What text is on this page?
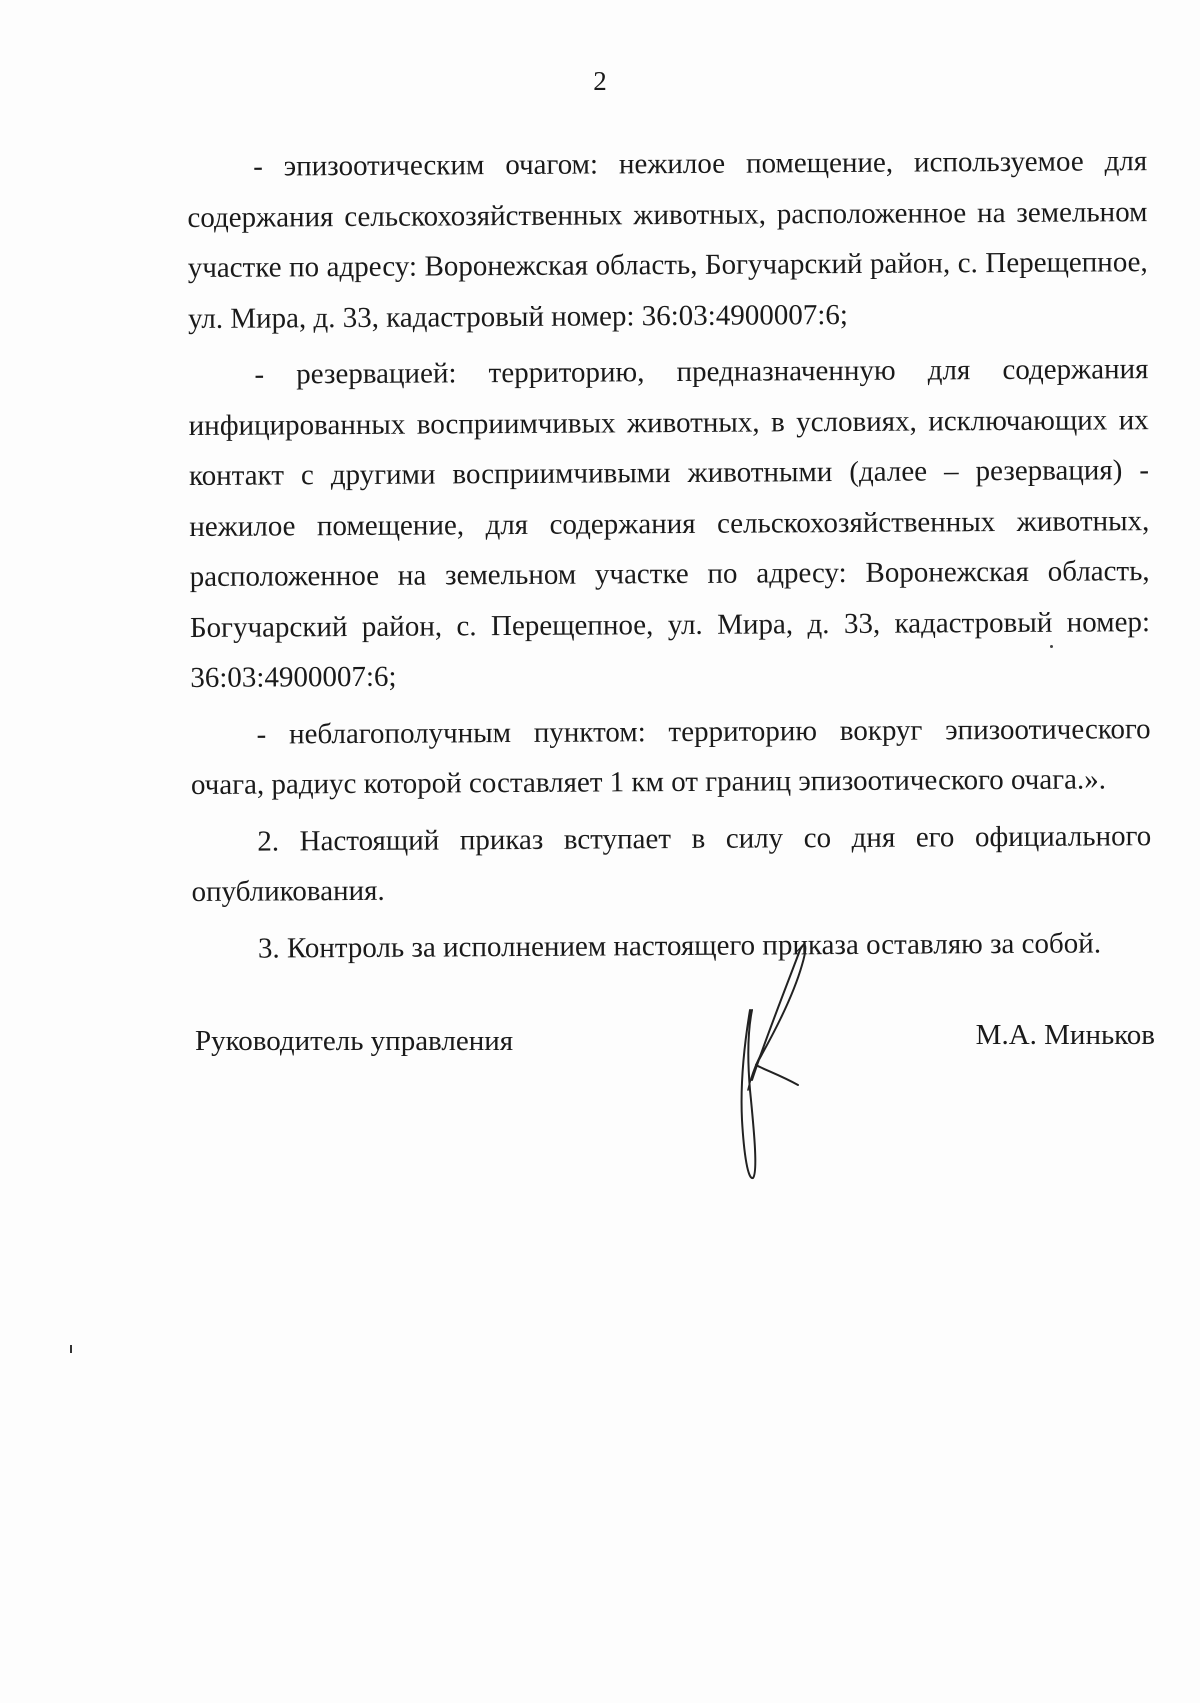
2

- эпизоотическим очагом: нежилое помещение, используемое для содержания сельскохозяйственных животных, расположенное на земельном участке по адресу: Воронежская область, Богучарский район, с. Перещепное, ул. Мира, д. 33, кадастровый номер: 36:03:4900007:6;

- резервацией: территорию, предназначенную для содержания инфицированных восприимчивых животных, в условиях, исключающих их контакт с другими восприимчивыми животными (далее – резервация) - нежилое помещение, для содержания сельскохозяйственных животных, расположенное на земельном участке по адресу: Воронежская область, Богучарский район, с. Перещепное, ул. Мира, д. 33, кадастровый номер: 36:03:4900007:6;

- неблагополучным пунктом: территорию вокруг эпизоотического очага, радиус которой составляет 1 км от границ эпизоотического очага.».

2. Настоящий приказ вступает в силу со дня его официального опубликования.

3. Контроль за исполнением настоящего приказа оставляю за собой.

Руководитель управления	М.А. Миньков
